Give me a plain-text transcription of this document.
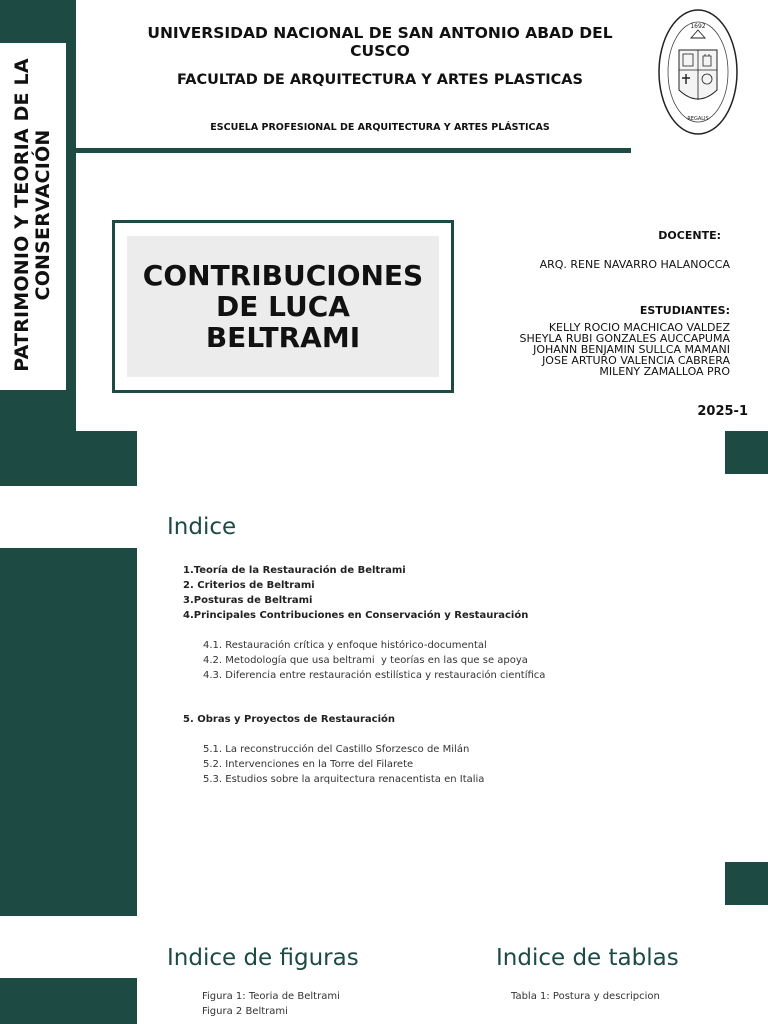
PATRIMONIO Y TEORIA DE LA CONSERVACIÓN
UNIVERSIDAD NACIONAL DE SAN ANTONIO ABAD DEL CUSCO
FACULTAD DE ARQUITECTURA Y ARTES PLASTICAS
ESCUELA PROFESIONAL DE ARQUITECTURA Y ARTES PLÁSTICAS
1692
REGALIS
CONTRIBUCIONES
DE LUCA
BELTRAMI
DOCENTE:
ARQ. RENE NAVARRO HALANOCCA
ESTUDIANTES:
KELLY ROCIO MACHICAO VALDEZ
SHEYLA RUBI GONZALES AUCCAPUMA
JOHANN BENJAMIN SULLCA MAMANI
JOSE ARTURO VALENCIA CABRERA
MILENY ZAMALLOA PRO
2025-1
Indice
1.Teoría de la Restauración de Beltrami
2. Criterios de Beltrami
3.Posturas de Beltrami
4.Principales Contribuciones en Conservación y Restauración
4.1. Restauración crítica y enfoque histórico-documental
4.2. Metodología que usa beltrami  y teorías en las que se apoya
4.3. Diferencia entre restauración estilística y restauración científica
5. Obras y Proyectos de Restauración
5.1. La reconstrucción del Castillo Sforzesco de Milán
5.2. Intervenciones en la Torre del Filarete
5.3. Estudios sobre la arquitectura renacentista en Italia
Indice de figuras
Figura 1: Teoria de Beltrami
Figura 2 Beltrami
Indice de tablas
Tabla 1: Postura y descripcion
